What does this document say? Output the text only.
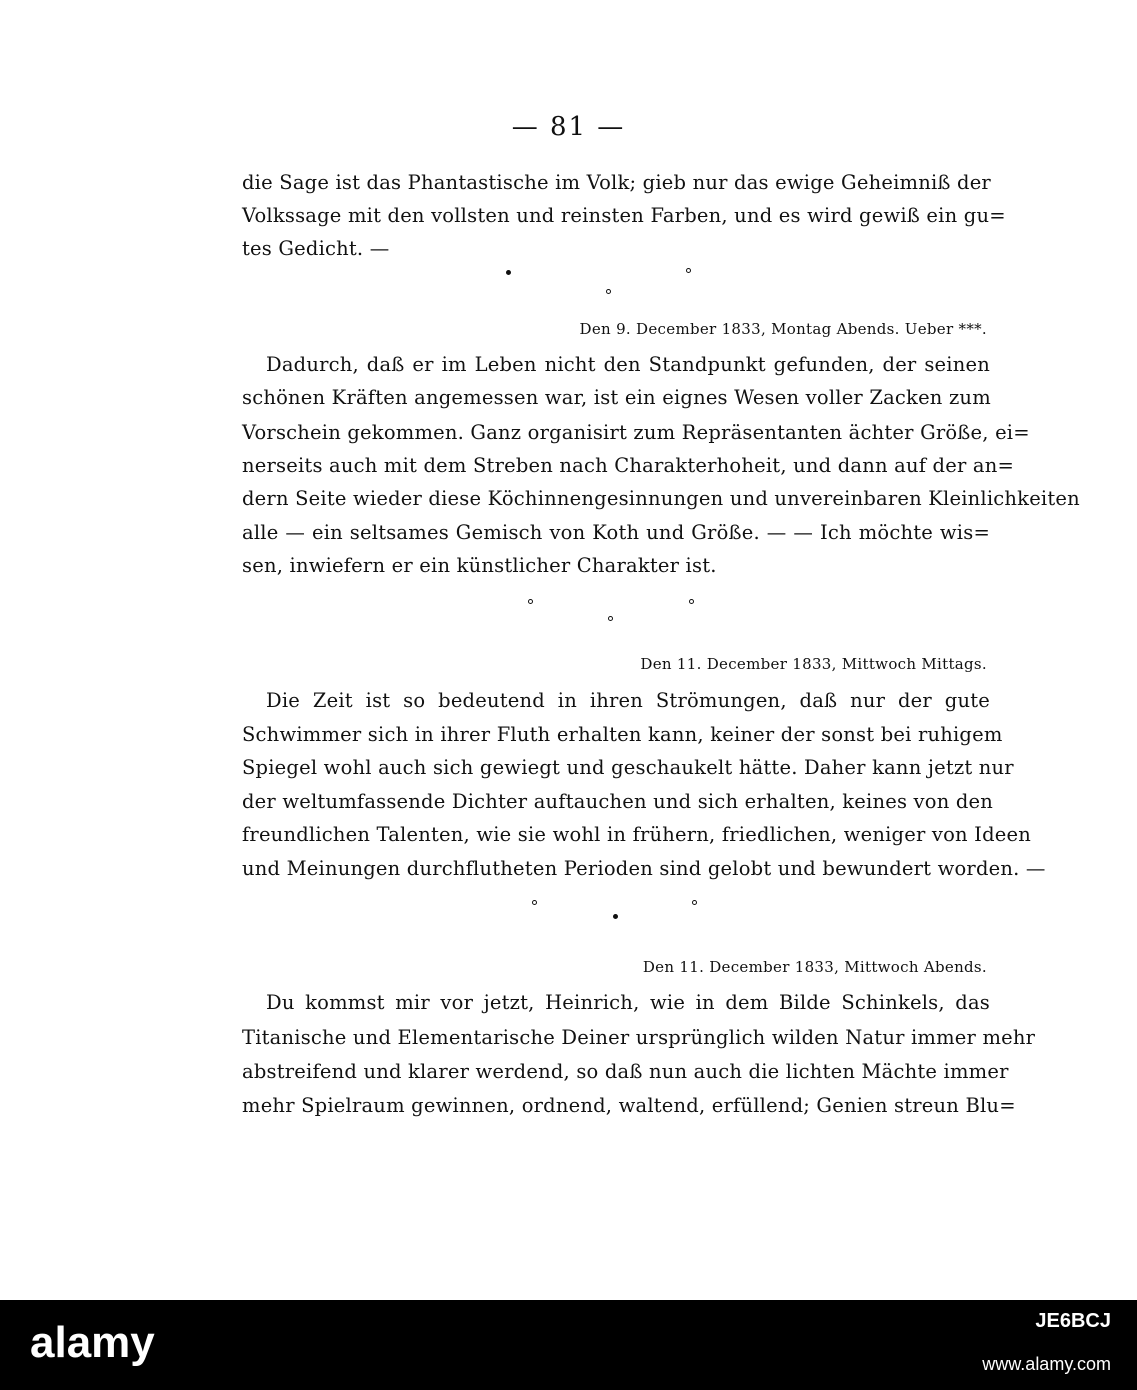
— 81 —
die Sage ist das Phantastische im Volk; gieb nur das ewige Geheimniß der
Volkssage mit den vollsten und reinsten Farben, und es wird gewiß ein gu=
tes Gedicht. —
Den 9. December 1833, Montag Abends. Ueber ***.
Dadurch, daß er im Leben nicht den Standpunkt gefunden, der seinen
schönen Kräften angemessen war, ist ein eignes Wesen voller Zacken zum
Vorschein gekommen. Ganz organisirt zum Repräsentanten ächter Größe, ei=
nerseits auch mit dem Streben nach Charakterhoheit, und dann auf der an=
dern Seite wieder diese Köchinnengesinnungen und unvereinbaren Kleinlichkeiten
alle — ein seltsames Gemisch von Koth und Größe. — — Ich möchte wis=
sen, inwiefern er ein künstlicher Charakter ist.
Den 11. December 1833, Mittwoch Mittags.
Die Zeit ist so bedeutend in ihren Strömungen, daß nur der gute
Schwimmer sich in ihrer Fluth erhalten kann, keiner der sonst bei ruhigem
Spiegel wohl auch sich gewiegt und geschaukelt hätte. Daher kann jetzt nur
der weltumfassende Dichter auftauchen und sich erhalten, keines von den
freundlichen Talenten, wie sie wohl in frühern, friedlichen, weniger von Ideen
und Meinungen durchflutheten Perioden sind gelobt und bewundert worden. —
Den 11. December 1833, Mittwoch Abends.
Du kommst mir vor jetzt, Heinrich, wie in dem Bilde Schinkels, das
Titanische und Elementarische Deiner ursprünglich wilden Natur immer mehr
abstreifend und klarer werdend, so daß nun auch die lichten Mächte immer
mehr Spielraum gewinnen, ordnend, waltend, erfüllend; Genien streun Blu=
alamy	JE6BCJ
www.alamy.com
